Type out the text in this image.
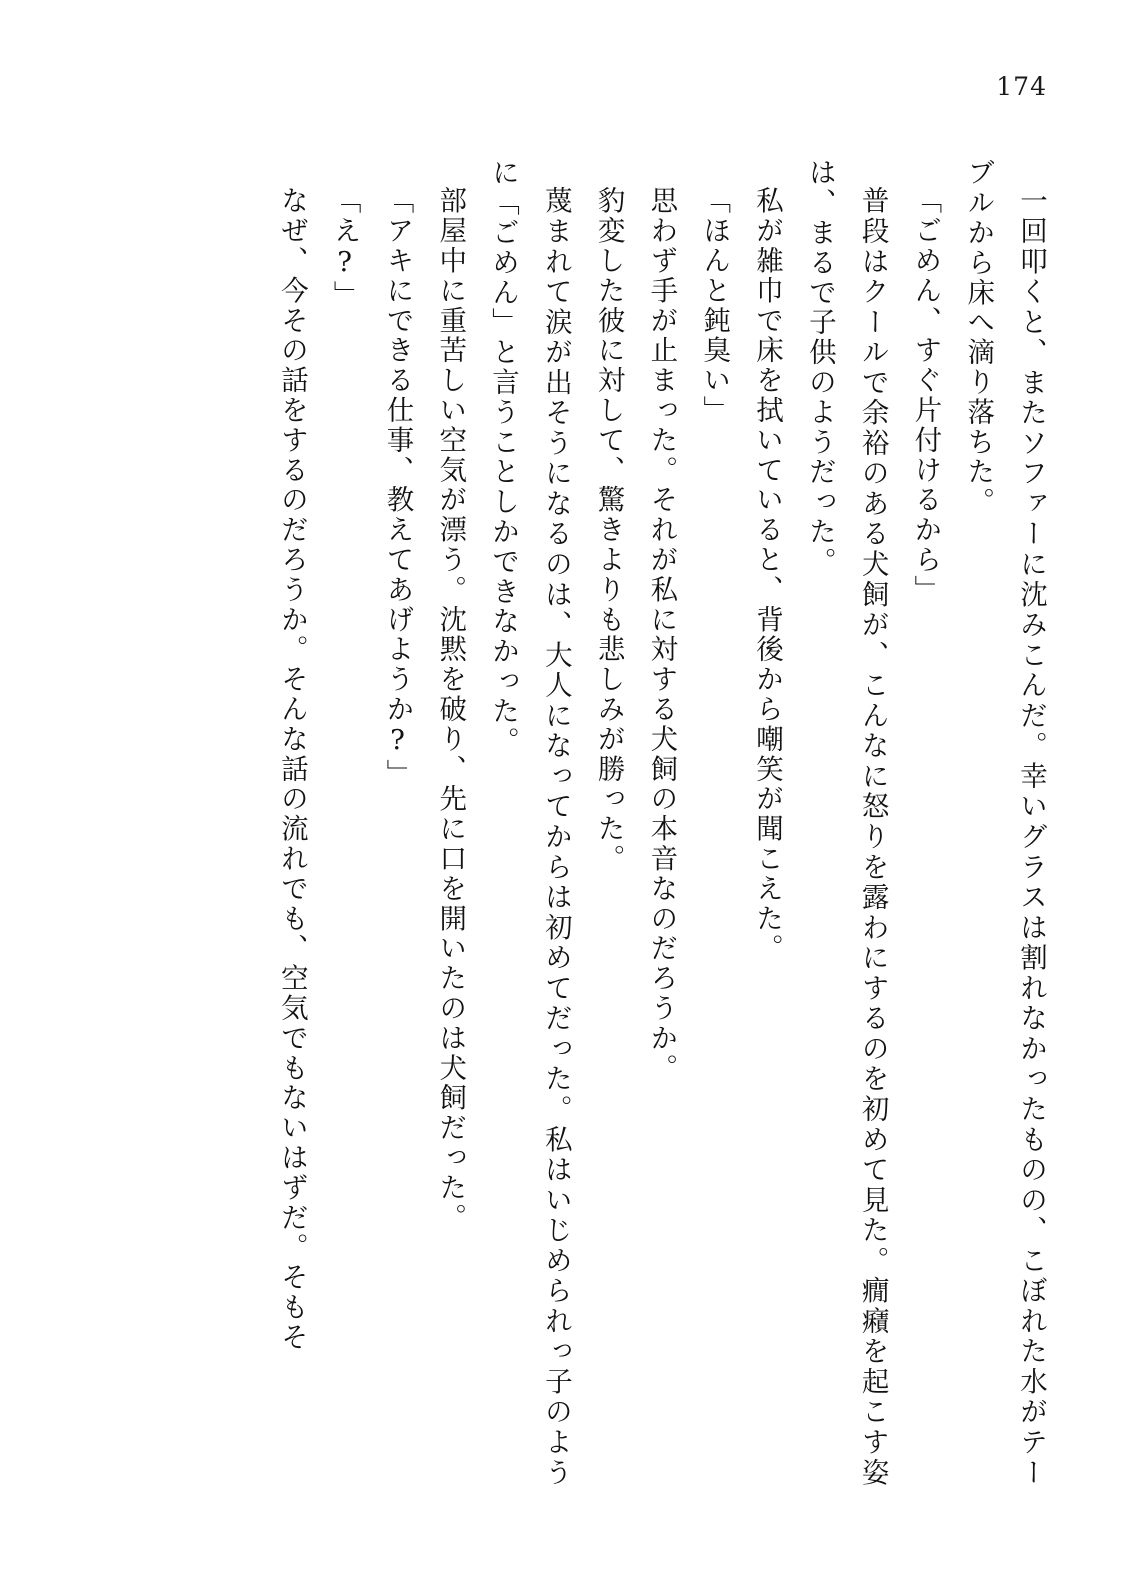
174
一回叩くと、またソファーに沈みこんだ。幸いグラスは割れなかったものの、こぼれた水がテーブルから床へ滴り落ちた。
「ごめん、すぐ片付けるから」
普段はクールで余裕のある犬飼が、こんなに怒りを露わにするのを初めて見た。癇癪を起こす姿は、まるで子供のようだった。
私が雑巾で床を拭いていると、背後から嘲笑が聞こえた。
「ほんと鈍臭い」
思わず手が止まった。それが私に対する犬飼の本音なのだろうか。
豹変した彼に対して、驚きよりも悲しみが勝った。
蔑まれて涙が出そうになるのは、大人になってからは初めてだった。私はいじめられっ子のように「ごめん」と言うことしかできなかった。
部屋中に重苦しい空気が漂う。沈黙を破り、先に口を開いたのは犬飼だった。
「アキにできる仕事、教えてあげようか?」
「え?」
なぜ、今その話をするのだろうか。そんな話の流れでも、空気でもないはずだ。そもそ
